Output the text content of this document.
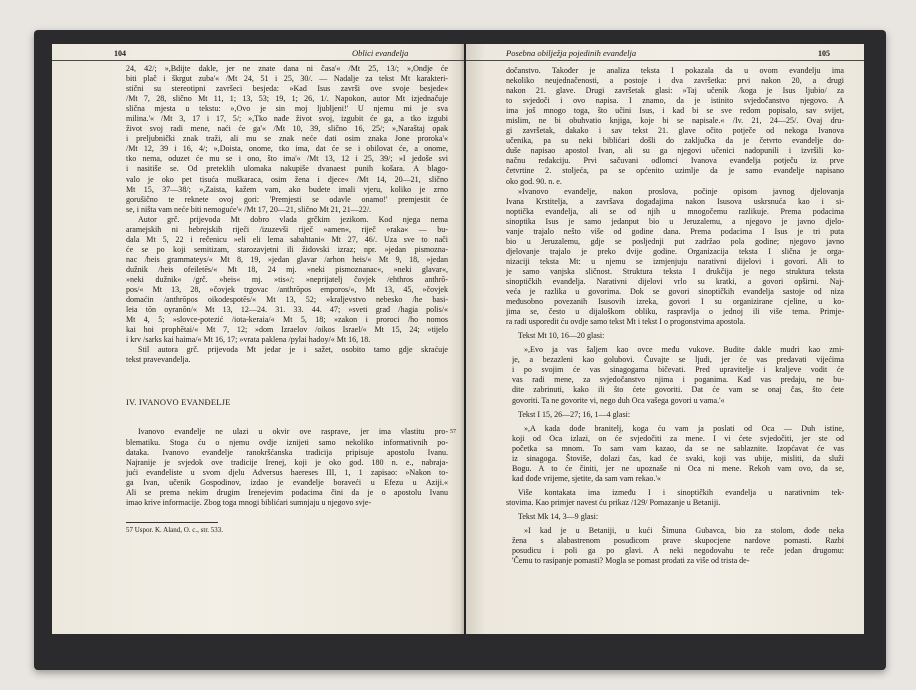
104	Oblici evanđelja
24, 42/; »,Bdijte dakle, jer ne znate dana ni časa'« /Mt 25, 13/; »,Ondje će
biti plač i škrgut zuba'« /Mt 24, 51 i 25, 30/. — Nadalje za tekst Mt karakteri-
stični su stereotipni završeci besjeda: »Kad Isus završi ove svoje besjede«
/Mt 7, 28, slično Mt 11, 1; 13, 53; 19, 1; 26, 1/. Napokon, autor Mt izjednačuje
slična mjesta u tekstu: »,Ovo je sin moj ljubljeni!' U njemu mi je sva
milina.'« /Mt 3, 17 i 17, 5/; »,Tko nađe život svoj, izgubit će ga, a tko izgubi
život svoj radi mene, naći će ga'« /Mt 10, 39, slično 16, 25/; »,Naraštaj opak
i preljubnički znak traži, ali mu se znak neće dati osim znaka Jone proroka'«
/Mt 12, 39 i 16, 4/; »,Doista, onome, tko ima, dat će se i obilovat će, a onome,
tko nema, oduzet će mu se i ono, što ima'« /Mt 13, 12 i 25, 39/; »I jedoše svi
i nasitiše se. Od preteklih ulomaka nakupiše dvanaest punih košara. A blago-
valo je oko pet tisuća muškaraca, osim žena i djece« /Mt 14, 20—21, slično
Mt 15, 37—38/; »,Zaista, kažem vam, ako budete imali vjeru, koliko je zrno
gorušično te reknete ovoj gori: 'Premjesti se odavle onamo!' premjestit će
se, i ništa vam neće biti nemoguće'« /Mt 17, 20—21, slično Mt 21, 21—22/.
Autor grč. prijevoda Mt dobro vlada grčkim jezikom. Kod njega nema
aramejskih ni hebrejskih riječi /izuzevši riječ »amen«, riječ »raka« — bu-
dala Mt 5, 22 i rečenicu »eli eli lema sabahtani« Mt 27, 46/. Uza sve to nači
će se po koji semitizam, starozavjetni ili židovski izraz; npr. »jedan pismozna-
nac /heis grammateys/« Mt 8, 19, »jedan glavar /arhon heis/« Mt 9, 18, »jedan
dužnik /heis ofeiletēs/« Mt 18, 24 mj. »neki pismoznanac«, »neki glavar«,
»neki dužnik« /grč. »heis« mj. »tis«/; »neprijatelj čovjek /ehthros anthrō-
pos/« Mt 13, 28, »čovjek trgovac /anthrōpos emporos/«, Mt 13, 45, »čovjek
domaćin /anthrōpos oikodespotēs/« Mt 13, 52; »kraljevstvo nebesko /he basi-
leia tōn oyranōn/« Mt 13, 12—24. 31. 33. 44. 47; »sveti grad /hagia polis/«
Mt 4, 5; »slovce-potezić /iota-keraia/« Mt 5, 18; »zakon i proroci /ho nomos
kai hoi prophētai/« Mt 7, 12; »dom Izraelov /oikos Israel/« Mt 15, 24; »tijelo
i krv /sarks kai haima/« Mt 16, 17; »vrata paklena /pylai hadoy/« Mt 16, 18.
Stil autora grč. prijevoda Mt jedar je i sažet, osobito tamo gdje skraćuje
tekst pravevanđelja.

IV. IVANOVO EVANĐELJE

Ivanovo evanđelje ne ulazi u okvir ove rasprave, jer ima vlastitu pro- 57
blematiku. Stoga ću o njemu ovdje iznijeti samo nekoliko informativnih po-
dataka. Ivanovo evanđelje ranokršćanska tradicija pripisuje apostolu Ivanu.
Najranije je svjedok ove tradicije Irenej, koji je oko god. 180 n. e., nabraja-
jući evanđeliste u svom djelu Adversus haereses III, 1, 1 zapisao: »Nakon to-
ga Ivan, učenik Gospodinov, izdao je evanđelje boraveći u Efezu u Aziji.«
Ali se prema nekim drugim Irenejevim podacima čini da je o apostolu Ivanu
imao krive informacije. Zbog toga mnogi biblićari sumnjaju u njegovo svje-

57 Uspor. K. Aland, O. c., str. 533.

Posebna obilježja pojedinih evanđelja	105
dočanstvo. Također je analiza teksta I pokazala da u ovom evanđelju ima
nekoliko neujednačenosti, a postoje i dva završetka: prvi nakon 20, a drugi
nakon 21. glave. Drugi završetak glasi: »Taj učenik /koga je Isus ljubio/ za
to svjedoči i ovo napisa. I znamo, da je istinito svjedočanstvo njegovo. A
ima još mnogo toga, što učini Isus, i kad bi se sve redom popisalo, sav svijet,
mislim, ne bi obuhvatio knjiga, koje bi se napisale.« /Iv. 21, 24—25/. Ovaj dru-
gi završetak, dakako i sav tekst 21. glave očito potječe od nekoga Ivanova
učenika, pa su neki biblićari došli do zaključka da je četvrto evanđelje do-
duše napisao apostol Ivan, ali su ga njegovi učenici nadopunili i izvršili ko-
načnu redakciju. Prvi sačuvani odlomci Ivanova evanđelja potječu iz prve
četvrtine 2. stoljeća, pa se općenito uzimlje da je samo evanđelje napisano
oko god. 90. n. e.
»Ivanovo evanđelje, nakon proslova, počinje opisom javnog djelovanja
Ivana Krstitelja, a završava događajima nakon Isusova uskrsnuća kao i si-
noptička evanđelja, ali se od njih u mnogočemu razlikuje. Prema podacima
sinoptika Isus je samo jedanput bio u Jeruzalemu, a njegovo je javno djelo-
vanje trajalo nešto više od godine dana. Prema podacima I Isus je tri puta
bio u Jeruzalemu, gdje se posljednji put zadržao pola godine; njegovo javno
djelovanje trajalo je preko dvije godine. Organizacija teksta I slična je orga-
nizaciji teksta Mt: u njemu se izmjenjuju narativni dijelovi i govori. Ali to
je samo vanjska sličnost. Struktura teksta I drukčija je nego struktura teksta
sinoptičkih evanđelja. Narativni dijelovi vrlo su kratki, a govori opširni. Naj-
veća je razlika u govorima. Dok se govori sinoptičkih evanđelja sastoje od niza
međusobno povezanih Isusovih izreka, govori I su organizirane cjeline, u ko-
jima se, često u dijaloškom obliku, raspravlja o jednoj ili više tema. Primje-
ra radi usporedit ću ovdje samo tekst Mt i tekst I o progonstvima apostola.

Tekst Mt 10, 16—20 glasi:

»,Evo ja vas šaljem kao ovce među vukove. Budite dakle mudri kao zmi-
je, a bezazleni kao golubovi. Čuvajte se ljudi, jer će vas predavati vijećima
i po svojim će vas sinagogama bičevati. Pred upraviteljе i kraljeve vodit će
vas radi mene, za svjedočanstvo njima i poganima. Kad vas predaju, ne bu-
dite zabrinuti, kako ili što ćete govoriti. Dat će vam se onaj čas, što ćete
govoriti. Ta ne govorite vi, nego duh Oca vašega govori u vama.'«

Tekst I 15, 26—27; 16, 1—4 glasi:

»,A kada dođe branitelj, koga ću vam ja poslati od Oca — Duh istine,
koji od Oca izlazi, on će svjedočiti za mene. I vi ćete svjedočiti, jer ste od
početka sa mnom. To sam vam kazao, da se ne sablaznite. Izopćavat će vas
iz sinagoga. Štoviše, dolazi čas, kad će svaki, koji vas ubije, misliti, da služi
Bogu. A to će činiti, jer ne upoznaše ni Oca ni mene. Rekoh vam ovo, da se,
kad dođe vrijeme, sjetite, da sam vam rekao.'«
Više kontakata ima između I i sinoptičkih evanđelja u narativnim tek-
stovima. Kao primjer navest ću prikaz /129/ Pomazanje u Betaniji.

Tekst Mk 14, 3—9 glasi:

»I kad je u Betaniji, u kući Šimuna Gubavca, bio za stolom, dođe neka
žena s alabastrenom posudicom prave skupocjene nardove pomasti. Razbi
posudicu i poli ga po glavi. A neki negodovahu te reče jedan drugomu:
'Čemu to rasipanje pomasti? Mogla se pomast prodati za više od trista de-
